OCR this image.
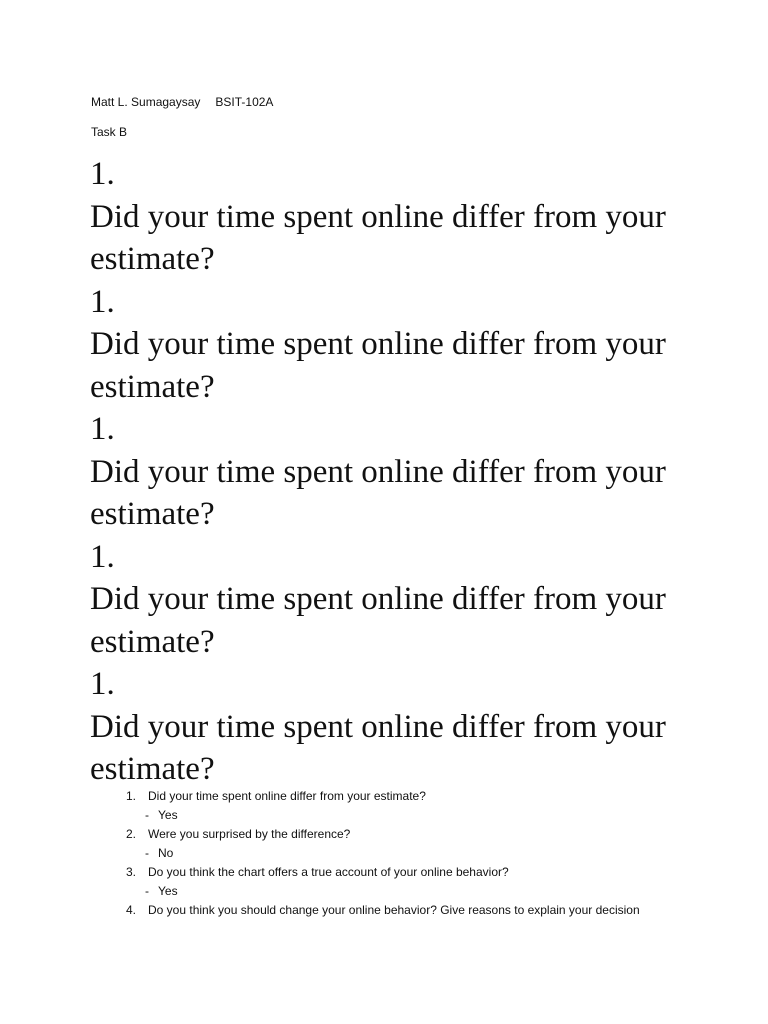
Matt L. Sumagaysay BSIT-102A
Task B
1.
Did your time spent online differ from your estimate?
1.
Did your time spent online differ from your estimate?
1.
Did your time spent online differ from your estimate?
1.
Did your time spent online differ from your estimate?
1.
Did your time spent online differ from your estimate?
1.	Did your time spent online differ from your estimate?
- Yes
2.	Were you surprised by the difference?
- No
3.	Do you think the chart offers a true account of your online behavior?
- Yes
4.	Do you think you should change your online behavior? Give reasons to explain your decision
